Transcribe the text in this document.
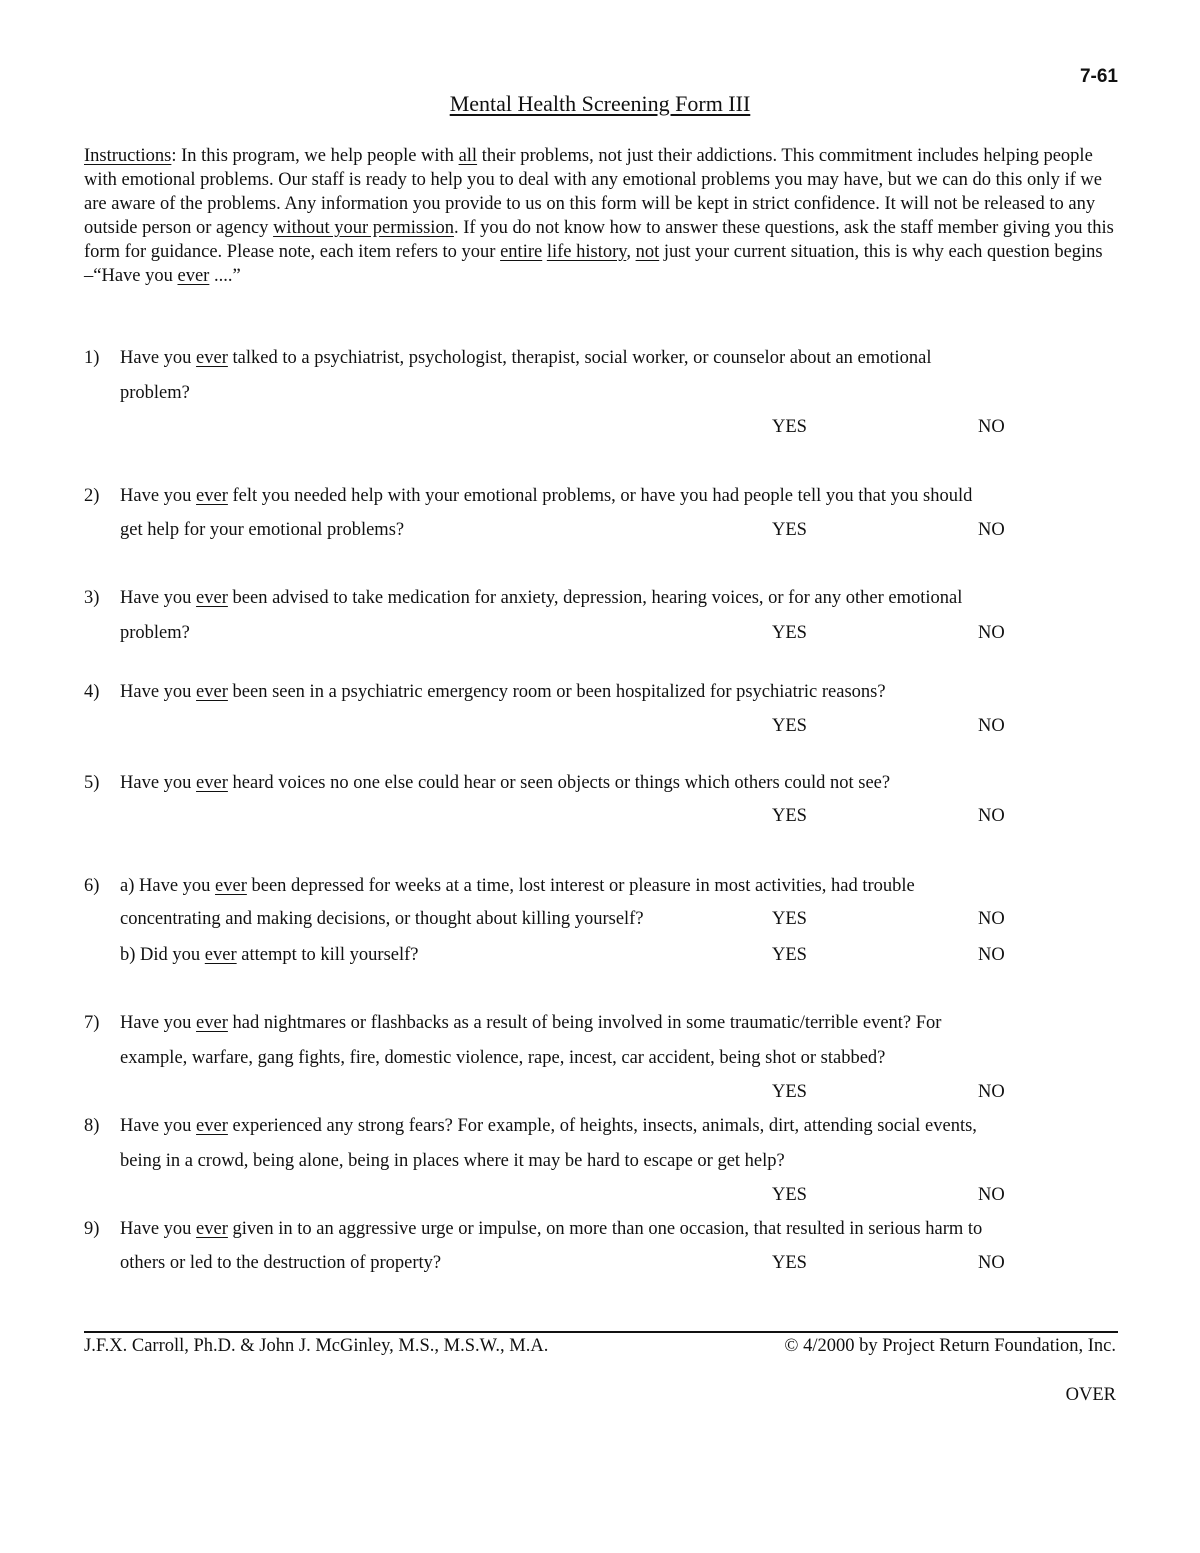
7-61
Mental Health Screening Form III

Instructions: In this program, we help people with all their problems, not just their addictions. This commitment includes helping people with emotional problems. Our staff is ready to help you to deal with any emotional problems you may have, but we can do this only if we are aware of the problems. Any information you provide to us on this form will be kept in strict confidence. It will not be released to any outside person or agency without your permission. If you do not know how to answer these questions, ask the staff member giving you this form for guidance. Please note, each item refers to your entire life history, not just your current situation, this is why each question begins –“Have you ever ....”

1) Have you ever talked to a psychiatrist, psychologist, therapist, social worker, or counselor about an emotional

problem?

YES	NO
2) Have you ever felt you needed help with your emotional problems, or have you had people tell you that you should

get help for your emotional problems?	YES	NO
3) Have you ever been advised to take medication for anxiety, depression, hearing voices, or for any other emotional

problem?	YES	NO
4) Have you ever been seen in a psychiatric emergency room or been hospitalized for psychiatric reasons?

YES	NO
5) Have you ever heard voices no one else could hear or seen objects or things which others could not see?

YES	NO
6) a) Have you ever been depressed for weeks at a time, lost interest or pleasure in most activities, had trouble

concentrating and making decisions, or thought about killing yourself?	YES	NO

b) Did you ever attempt to kill yourself?	YES	NO
7) Have you ever had nightmares or flashbacks as a result of being involved in some traumatic/terrible event? For

example, warfare, gang fights, fire, domestic violence, rape, incest, car accident, being shot or stabbed?

YES	NO
8) Have you ever experienced any strong fears? For example, of heights, insects, animals, dirt, attending social events,

being in a crowd, being alone, being in places where it may be hard to escape or get help?

YES	NO
9) Have you ever given in to an aggressive urge or impulse, on more than one occasion, that resulted in serious harm to

others or led to the destruction of property?	YES	NO
J.F.X. Carroll, Ph.D. & John J. McGinley, M.S., M.S.W., M.A.	© 4/2000 by Project Return Foundation, Inc.
OVER
